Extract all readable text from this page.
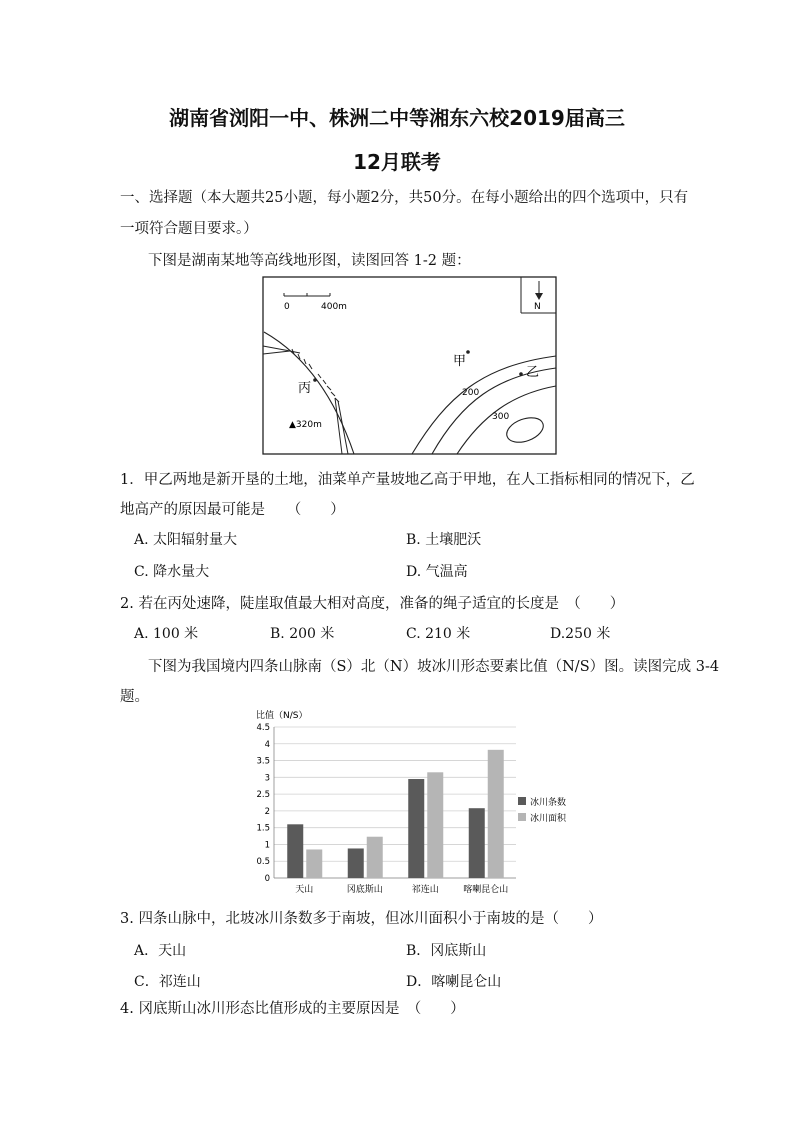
湖南省浏阳一中、株洲二中等湘东六校2019届高三
12月联考
一、选择题（本大题共25小题，每小题2分，共50分。在每小题给出的四个选项中，只有
一项符合题目要求。）
下图是湖南某地等高线地形图，读图回答 1-2 题：
0	400m	N
甲
乙
丙	200
300
▲320m
1．甲乙两地是新开垦的土地，油菜单产量坡地乙高于甲地，在人工指标相同的情况下，乙
地高产的原因最可能是　　（　　）
A. 太阳辐射量大	B. 土壤肥沃
C. 降水量大	D. 气温高
2. 若在丙处速降，陡崖取值最大相对高度，准备的绳子适宜的长度是　（　　）
A. 100 米	B. 200 米	C. 210 米	D.250 米
下图为我国境内四条山脉南（S）北（N）坡冰川形态要素比值（N/S）图。读图完成 3-4
题。
比值（N/S）
0
0.5
1
1.5
2
2.5
3
3.5
4
4.5
天山	冈底斯山	祁连山	喀喇昆仑山
冰川条数
冰川面积
3. 四条山脉中，北坡冰川条数多于南坡，但冰川面积小于南坡的是（　　）
A．天山	B．冈底斯山
C．祁连山	D．喀喇昆仑山
4. 冈底斯山冰川形态比值形成的主要原因是　（　　）
